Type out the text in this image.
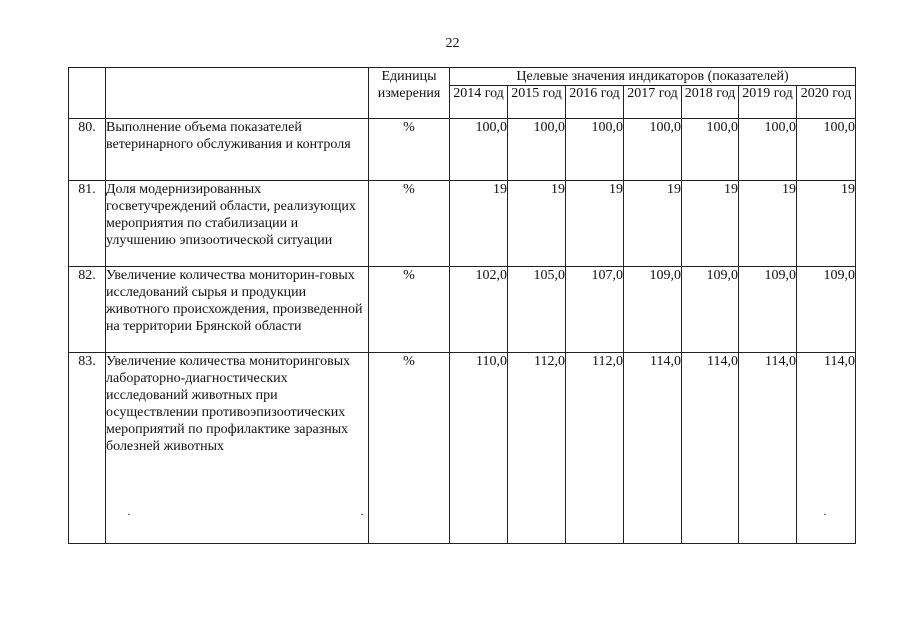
22
		Единицы измерения	Целевые значения индикаторов (показателей)						
			2014 год	2015 год	2016 год	2017 год	2018 год	2019 год	2020 год
80.	Выполнение объема показателей ветеринарного обслуживания и контроля	%	100,0	100,0	100,0	100,0	100,0	100,0	100,0
81.	Доля модернизированных госветучреждений области, реализующих мероприятия по стабилизации и улучшению эпизоотической ситуации	%	19	19	19	19	19	19	19
82.	Увеличение количества мониторин-говых исследований сырья и продукции животного происхождения, произведенной на территории Брянской области	%	102,0	105,0	107,0	109,0	109,0	109,0	109,0
83.	Увеличение количества мониторинговых лабораторно-диагностических исследований животных при осуществлении противоэпизоотических мероприятий по профилактике заразных болезней животных	%	110,0	112,0	112,0	114,0	114,0	114,0	114,0
·	·	·
